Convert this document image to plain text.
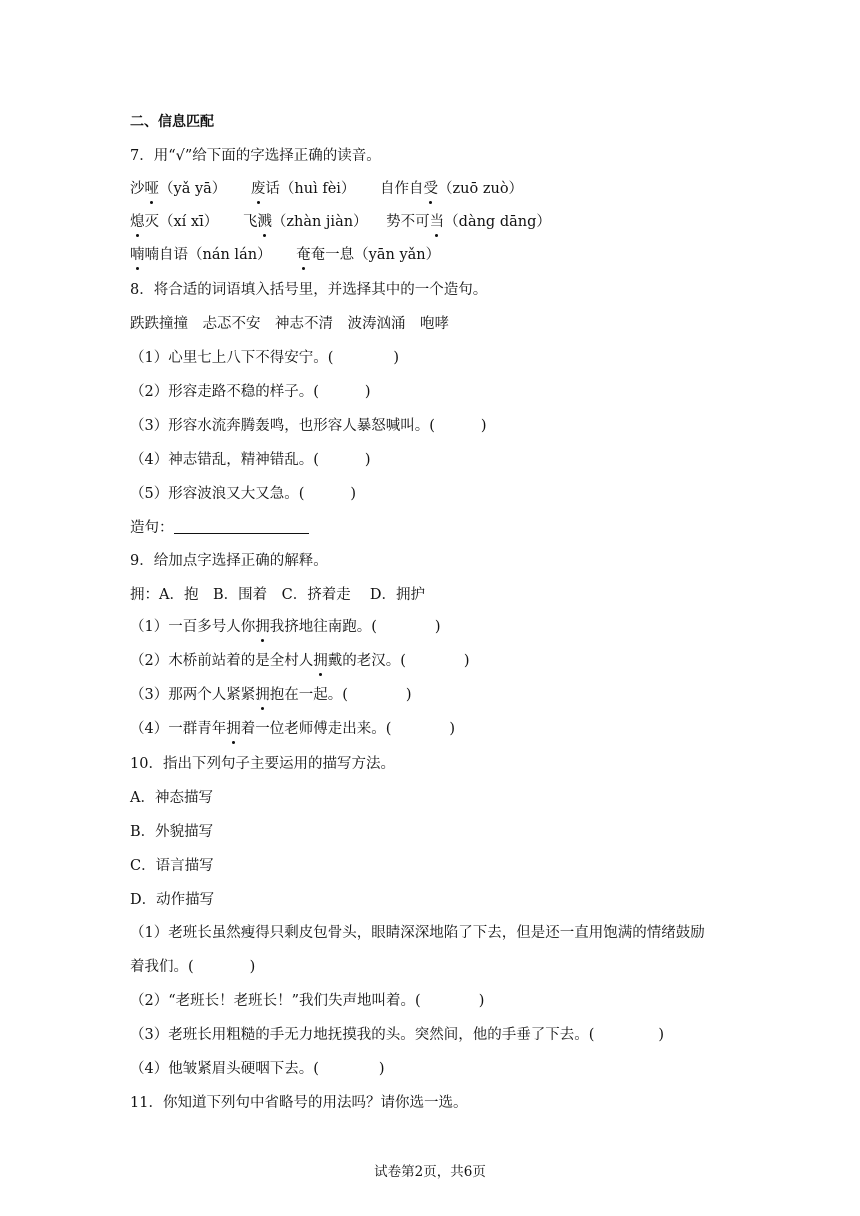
二、信息匹配
7．用“√”给下面的字选择正确的读音。
沙哑（yǎ yā） 废话（huì fèi） 自作自受（zuō zuò）
熄灭（xí xī） 飞溅（zhàn jiàn） 势不可当（dàng dāng）
喃喃自语（nán lán） 奄奄一息（yān yǎn）
8．将合适的词语填入括号里，并选择其中的一个造句。
跌跌撞撞　忐忑不安　神志不清　波涛汹涌　咆哮
（1）心里七上八下不得安宁。(	)
（2）形容走路不稳的样子。(	)
（3）形容水流奔腾轰鸣，也形容人暴怒喊叫。(	)
（4）神志错乱，精神错乱。(	)
（5）形容波浪又大又急。(	)
造句：
9．给加点字选择正确的解释。
拥：A．抱　B．围着　C．挤着走　 D．拥护
（1）一百多号人你拥我挤地往南跑。(	)
（2）木桥前站着的是全村人拥戴的老汉。(	)
（3）那两个人紧紧拥抱在一起。(	)
（4）一群青年拥着一位老师傅走出来。(	)
10．指出下列句子主要运用的描写方法。
A．神态描写
B．外貌描写
C．语言描写
D．动作描写
（1）老班长虽然瘦得只剩皮包骨头，眼睛深深地陷了下去，但是还一直用饱满的情绪鼓励
着我们。(	)
（2）“老班长！老班长！”我们失声地叫着。(	)
（3）老班长用粗糙的手无力地抚摸我的头。突然间，他的手垂了下去。(	)
（4）他皱紧眉头硬咽下去。(	)
11．你知道下列句中省略号的用法吗？请你选一选。
试卷第2页，共6页
